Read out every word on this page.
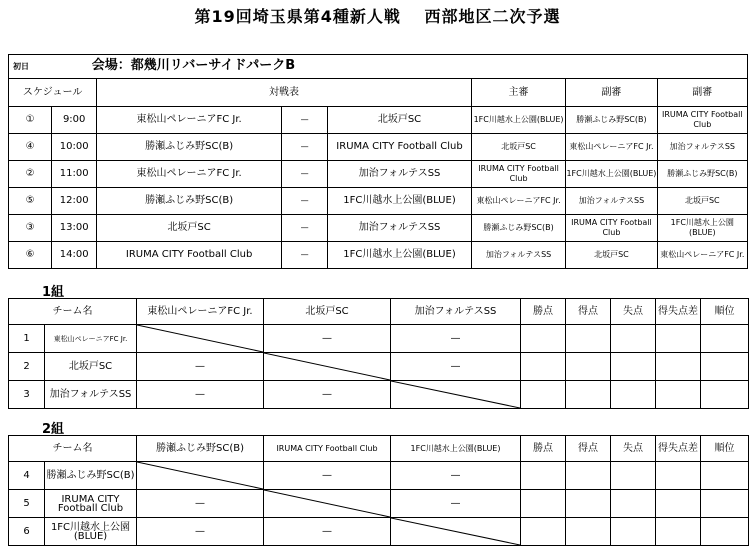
第19回埼玉県第4種新人戦　 西部地区二次予選
初日 会場：都幾川リバーサイドパークB							
スケジュール		対戦表			主審	副審	副審
①	9:00	東松山ペレーニアFC Jr.	—	北坂戸SC	1FC川越水上公園(BLUE)	勝瀬ふじみ野SC(B)	IRUMA CITY Football Club
④	10:00	勝瀬ふじみ野SC(B)	—	IRUMA CITY Football Club	北坂戸SC	東松山ペレーニアFC Jr.	加治フォルテスSS
②	11:00	東松山ペレーニアFC Jr.	—	加治フォルテスSS	IRUMA CITY Football Club	1FC川越水上公園(BLUE)	勝瀬ふじみ野SC(B)
⑤	12:00	勝瀬ふじみ野SC(B)	—	1FC川越水上公園(BLUE)	東松山ペレーニアFC Jr.	加治フォルテスSS	北坂戸SC
③	13:00	北坂戸SC	—	加治フォルテスSS	勝瀬ふじみ野SC(B)	IRUMA CITY Football Club	1FC川越水上公園(BLUE)
⑥	14:00	IRUMA CITY Football Club	—	1FC川越水上公園(BLUE)	加治フォルテスSS	北坂戸SC	東松山ペレーニアFC Jr.
1組
チーム名		東松山ペレーニアFC Jr.	北坂戸SC	加治フォルテスSS	勝点	得点	失点	得失点差	順位
1	東松山ペレーニアFC Jr.		—	—					
2	北坂戸SC	—		—					
3	加治フォルテスSS	—	—	

2組
チーム名		勝瀬ふじみ野SC(B)	IRUMA CITY Football Club	1FC川越水上公園(BLUE)	勝点	得点	失点	得失点差	順位
4	勝瀬ふじみ野SC(B)		—	—					
5	IRUMA CITY Football Club	—		—					
6	1FC川越水上公園(BLUE)	—	—	
